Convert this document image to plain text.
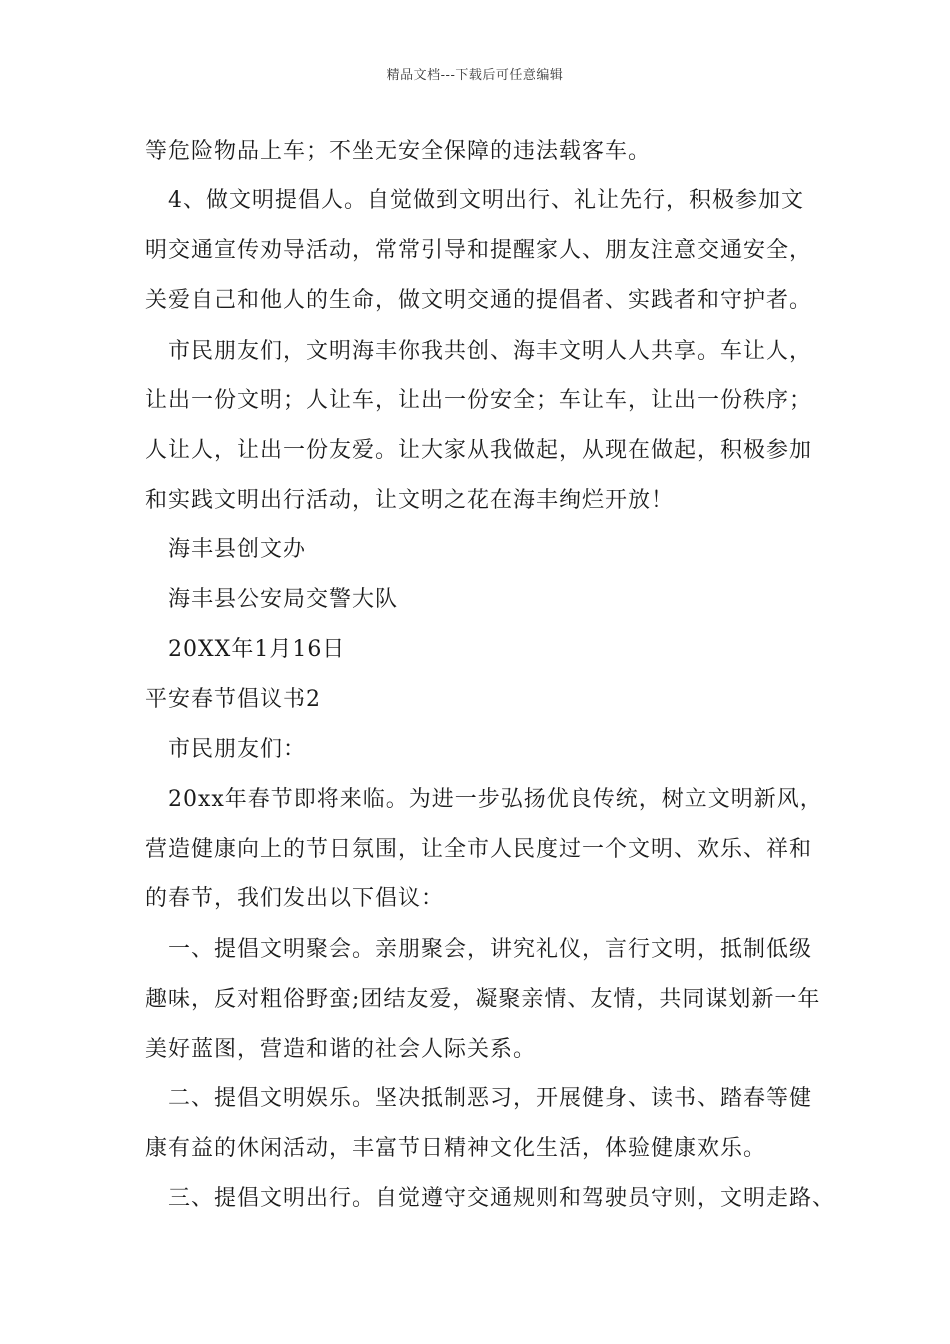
精品文档---下载后可任意编辑
等危险物品上车；不坐无安全保障的违法载客车。
　4、做文明提倡人。自觉做到文明出行、礼让先行，积极参加文
明交通宣传劝导活动，常常引导和提醒家人、朋友注意交通安全，
关爱自己和他人的生命，做文明交通的提倡者、实践者和守护者。
　市民朋友们，文明海丰你我共创、海丰文明人人共享。车让人，
让出一份文明；人让车，让出一份安全；车让车，让出一份秩序；
人让人，让出一份友爱。让大家从我做起，从现在做起，积极参加
和实践文明出行活动，让文明之花在海丰绚烂开放！
　海丰县创文办
　海丰县公安局交警大队
　20XX年1月16日
平安春节倡议书2
　市民朋友们：
　20xx年春节即将来临。为进一步弘扬优良传统，树立文明新风，
营造健康向上的节日氛围，让全市人民度过一个文明、欢乐、祥和
的春节，我们发出以下倡议：
　一、提倡文明聚会。亲朋聚会，讲究礼仪，言行文明，抵制低级
趣味，反对粗俗野蛮;团结友爱，凝聚亲情、友情，共同谋划新一年
美好蓝图，营造和谐的社会人际关系。
　二、提倡文明娱乐。坚决抵制恶习，开展健身、读书、踏春等健
康有益的休闲活动，丰富节日精神文化生活，体验健康欢乐。
　三、提倡文明出行。自觉遵守交通规则和驾驶员守则，文明走路、
